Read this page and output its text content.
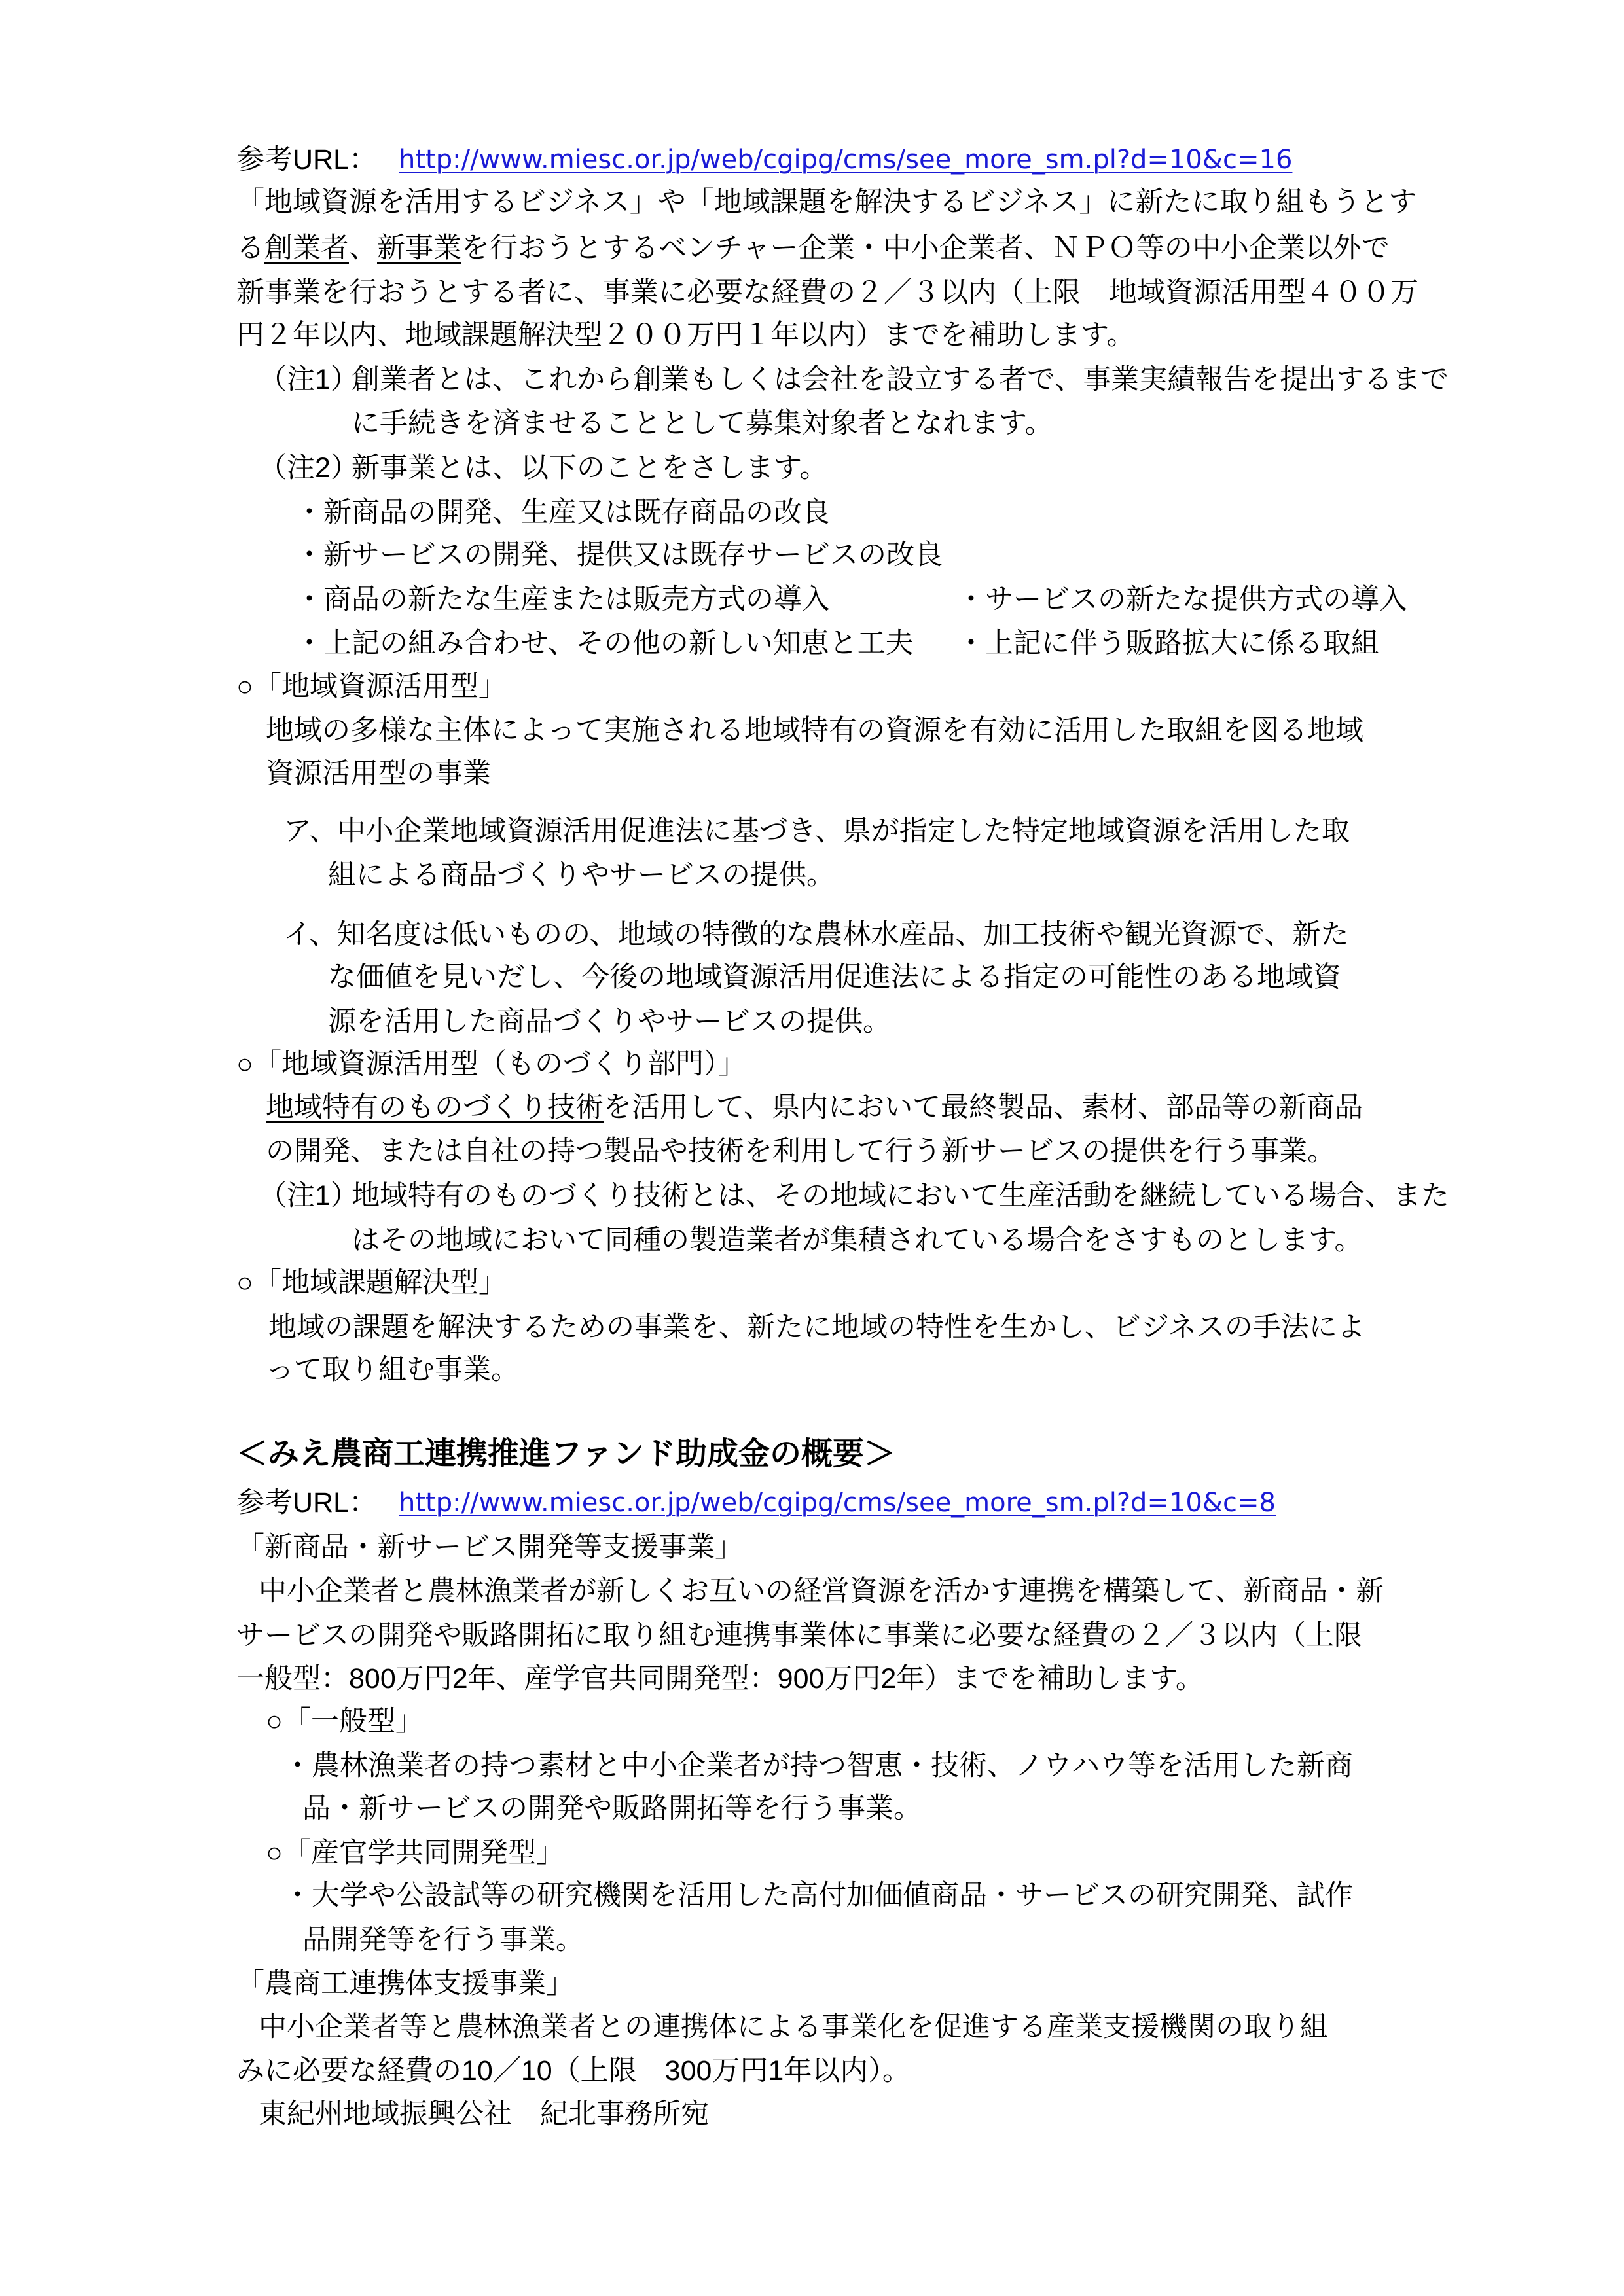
参考URL： http://www.miesc.or.jp/web/cgipg/cms/see_more_sm.pl?d=10&c=16
「地域資源を活用するビジネス」や「地域課題を解決するビジネス」に新たに取り組もうとす
る創業者、新事業を行おうとするベンチャー企業・中小企業者、ＮＰＯ等の中小企業以外で
新事業を行おうとする者に、事業に必要な経費の２／３以内（上限　地域資源活用型４００万
円２年以内、地域課題解決型２００万円１年以内）までを補助します。
（注1）
創業者とは、これから創業もしくは会社を設立する者で、事業実績報告を提出するまで
に手続きを済ませることとして募集対象者となれます。
（注2）
新事業とは、以下のことをさします。
・新商品の開発、生産又は既存商品の改良
・新サービスの開発、提供又は既存サービスの改良
・商品の新たな生産または販売方式の導入	・サービスの新たな提供方式の導入
・上記の組み合わせ、その他の新しい知恵と工夫 ・上記に伴う販路拡大に係る取組
○「地域資源活用型」
地域の多様な主体によって実施される地域特有の資源を有効に活用した取組を図る地域
資源活用型の事業
ア、中小企業地域資源活用促進法に基づき、県が指定した特定地域資源を活用した取
組による商品づくりやサービスの提供。
イ、知名度は低いものの、地域の特徴的な農林水産品、加工技術や観光資源で、新た
な価値を見いだし、今後の地域資源活用促進法による指定の可能性のある地域資
源を活用した商品づくりやサービスの提供。
○「地域資源活用型（ものづくり部門）」
地域特有のものづくり技術を活用して、県内において最終製品、素材、部品等の新商品
の開発、または自社の持つ製品や技術を利用して行う新サービスの提供を行う事業。
（注1）
地域特有のものづくり技術とは、その地域において生産活動を継続している場合、また
はその地域において同種の製造業者が集積されている場合をさすものとします。
○「地域課題解決型」
地域の課題を解決するための事業を、新たに地域の特性を生かし、ビジネスの手法によ
って取り組む事業。
＜みえ農商工連携推進ファンド助成金の概要＞
参考URL： http://www.miesc.or.jp/web/cgipg/cms/see_more_sm.pl?d=10&c=8
「新商品・新サービス開発等支援事業」
中小企業者と農林漁業者が新しくお互いの経営資源を活かす連携を構築して、新商品・新
サービスの開発や販路開拓に取り組む連携事業体に事業に必要な経費の２／３以内（上限
一般型：800万円2年、産学官共同開発型：900万円2年）までを補助します。
○「一般型」
・農林漁業者の持つ素材と中小企業者が持つ智恵・技術、ノウハウ等を活用した新商
品・新サービスの開発や販路開拓等を行う事業。
○「産官学共同開発型」
・大学や公設試等の研究機関を活用した高付加価値商品・サービスの研究開発、試作
品開発等を行う事業。
「農商工連携体支援事業」
中小企業者等と農林漁業者との連携体による事業化を促進する産業支援機関の取り組
みに必要な経費の10／10（上限　300万円1年以内）。
東紀州地域振興公社　紀北事務所宛
